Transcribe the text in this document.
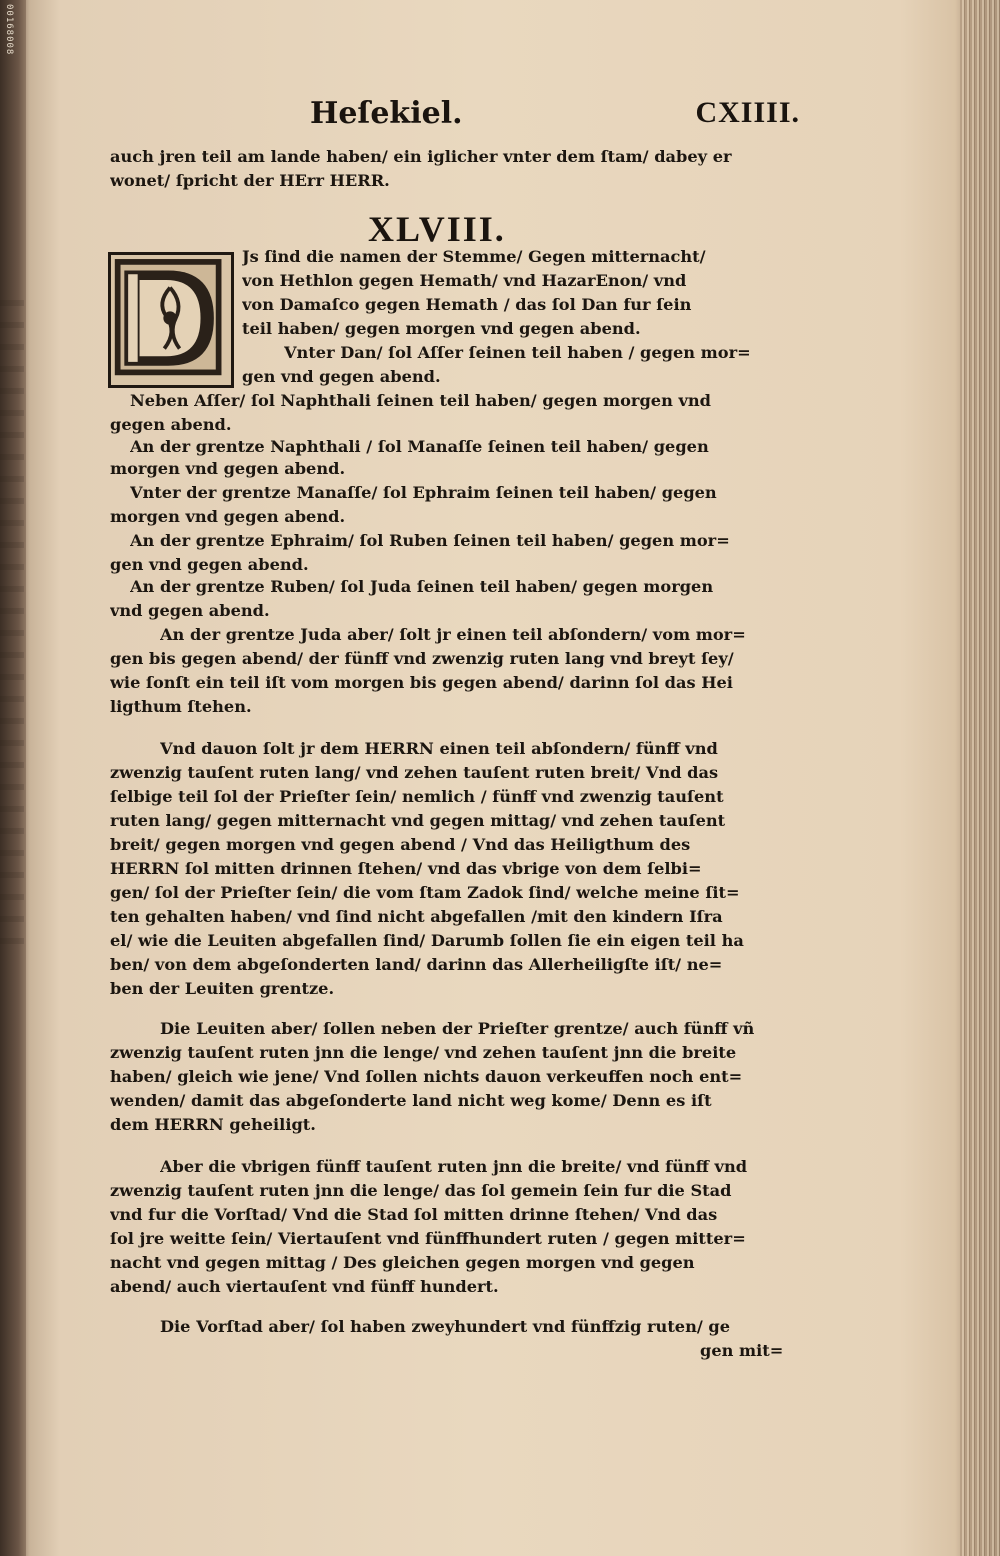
00168008
Heſekiel.	CXIIII.
auch jren teil am lande haben/ ein iglicher vnter dem ſtam/ dabey er
wonet/ ſpricht der HErr HERR.
XLVIII.
Js ſind die namen der Stemme/ Gegen mitternacht/
von Hethlon gegen Hemath/ vnd HazarEnon/ vnd
von Damaſco gegen Hemath / das ſol Dan fur ſein
teil haben/ gegen morgen vnd gegen abend.
Vnter Dan/ ſol Aſſer ſeinen teil haben / gegen mor=
gen vnd gegen abend.
Neben Aſſer/ ſol Naphthali ſeinen teil haben/ gegen morgen vnd
gegen abend.
An der grentze Naphthali / ſol Manaſſe ſeinen teil haben/ gegen
morgen vnd gegen abend.
Vnter der grentze Manaſſe/ ſol Ephraim ſeinen teil haben/ gegen
morgen vnd gegen abend.
An der grentze Ephraim/ ſol Ruben ſeinen teil haben/ gegen mor=
gen vnd gegen abend.
An der grentze Ruben/ ſol Juda ſeinen teil haben/ gegen morgen
vnd gegen abend.
An der grentze Juda aber/ ſolt jr einen teil abſondern/ vom mor=
gen bis gegen abend/ der fünff vnd zwenzig ruten lang vnd breyt ſey/
wie ſonſt ein teil iſt vom morgen bis gegen abend/ darinn ſol das Hei
ligthum ſtehen.
Vnd dauon ſolt jr dem HERRN einen teil abſondern/ fünff vnd
zwenzig tauſent ruten lang/ vnd zehen tauſent ruten breit/ Vnd das
ſelbige teil ſol der Prieſter ſein/ nemlich / fünff vnd zwenzig tauſent
ruten lang/ gegen mitternacht vnd gegen mittag/ vnd zehen tauſent
breit/ gegen morgen vnd gegen abend / Vnd das Heiligthum des
HERRN ſol mitten drinnen ſtehen/ vnd das vbrige von dem ſelbi=
gen/ ſol der Prieſter ſein/ die vom ſtam Zadok ſind/ welche meine ſit=
ten gehalten haben/ vnd ſind nicht abgefallen /mit den kindern Iſra
el/ wie die Leuiten abgefallen ſind/ Darumb ſollen ſie ein eigen teil ha
ben/ von dem abgeſonderten land/ darinn das Allerheiligſte iſt/ ne=
ben der Leuiten grentze.
Die Leuiten aber/ ſollen neben der Prieſter grentze/ auch fünff vñ
zwenzig tauſent ruten jnn die lenge/ vnd zehen tauſent jnn die breite
haben/ gleich wie jene/ Vnd ſollen nichts dauon verkeuffen noch ent=
wenden/ damit das abgeſonderte land nicht weg kome/ Denn es iſt
dem HERRN geheiligt.
Aber die vbrigen fünff tauſent ruten jnn die breite/ vnd fünff vnd
zwenzig tauſent ruten jnn die lenge/ das ſol gemein ſein fur die Stad
vnd fur die Vorſtad/ Vnd die Stad ſol mitten drinne ſtehen/ Vnd das
ſol jre weitte ſein/ Viertauſent vnd fünffhundert ruten / gegen mitter=
nacht vnd gegen mittag / Des gleichen gegen morgen vnd gegen
abend/ auch viertauſent vnd fünff hundert.
Die Vorſtad aber/ ſol haben zweyhundert vnd fünffzig ruten/ ge
gen mit=
